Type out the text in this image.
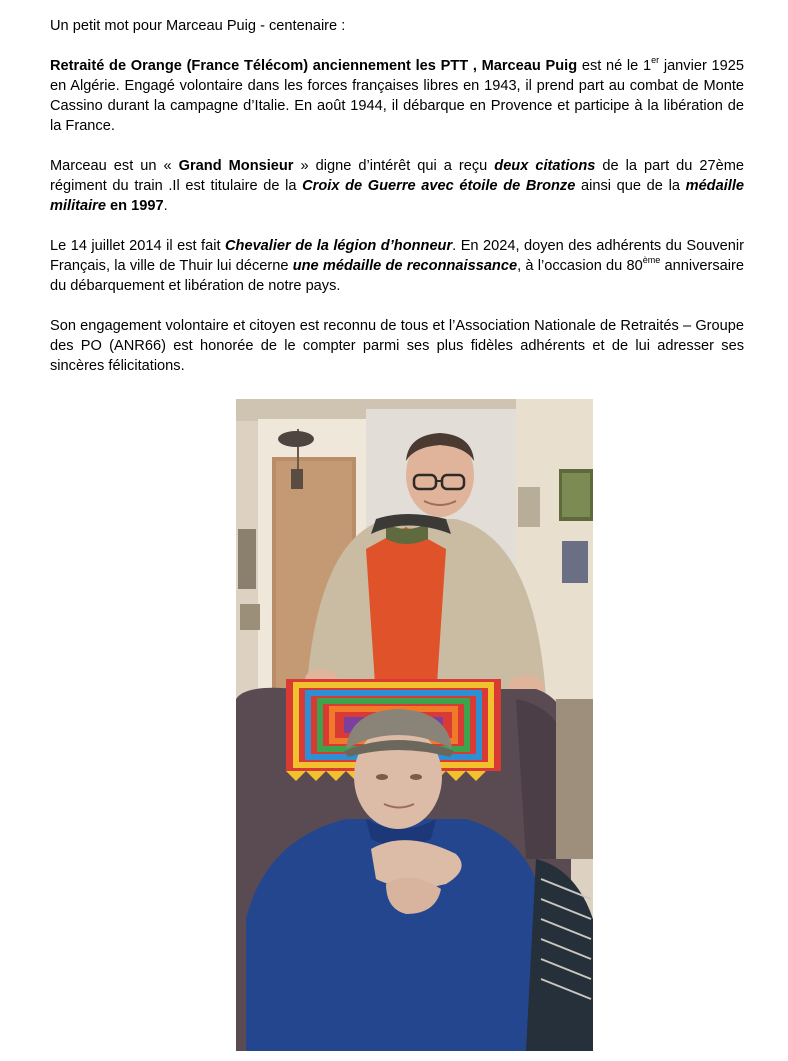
Un petit mot pour Marceau Puig - centenaire :

Retraité de Orange (France Télécom) anciennement les PTT , Marceau Puig est né le 1er janvier 1925 en Algérie. Engagé volontaire dans les forces françaises libres en 1943, il prend part au combat de Monte Cassino durant la campagne d’Italie. En août 1944, il débarque en Provence et participe à la libération de la France.

Marceau est un « Grand Monsieur » digne d’intérêt qui a reçu deux citations de la part du 27ème régiment du train .Il est titulaire de la Croix de Guerre avec étoile de Bronze ainsi que de la médaille militaire en 1997.

Le 14 juillet 2014 il est fait Chevalier de la légion d’honneur. En 2024, doyen des adhérents du Souvenir Français, la ville de Thuir lui décerne une médaille de reconnaissance, à l’occasion du 80ème anniversaire du débarquement et libération de notre pays.

Son engagement volontaire et citoyen est reconnu de tous et l’Association Nationale de Retraités – Groupe des PO (ANR66) est honorée de le compter parmi ses plus fidèles adhérents et de lui adresser ses sincères félicitations.
